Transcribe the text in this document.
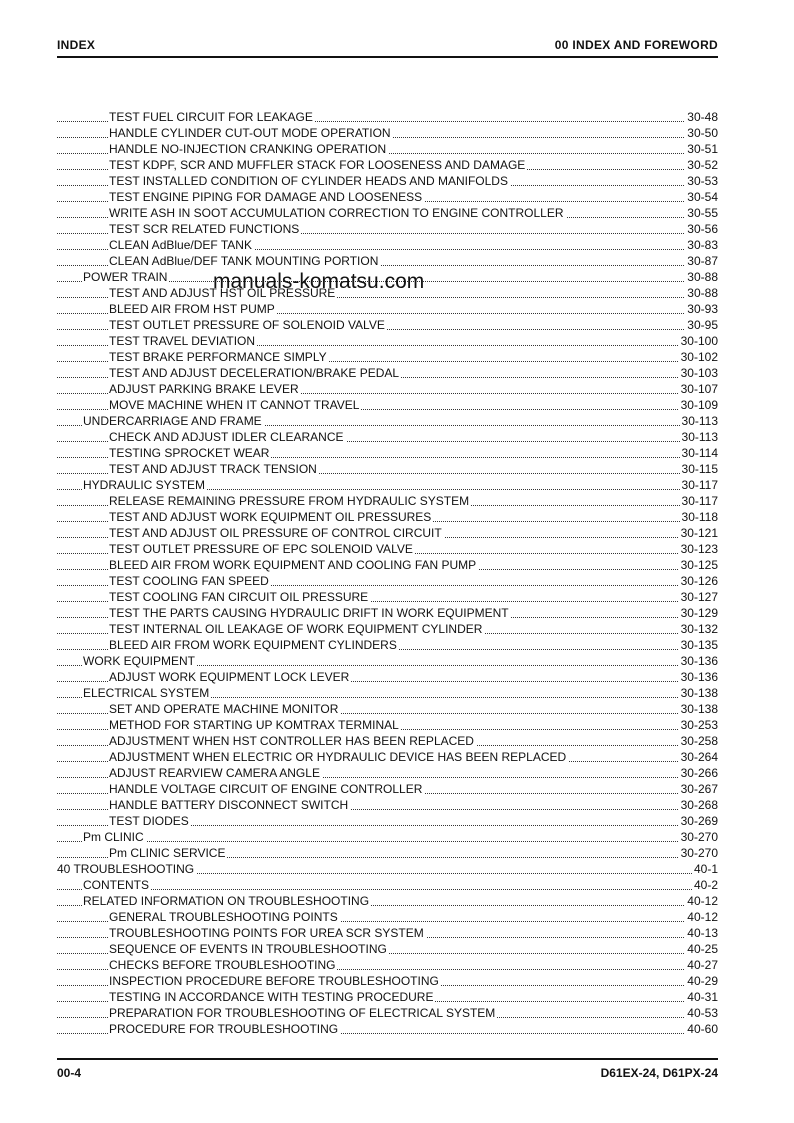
INDEX	00 INDEX AND FOREWORD
manuals-komatsu.com
TEST FUEL CIRCUIT FOR LEAKAGE	30-48
HANDLE CYLINDER CUT-OUT MODE OPERATION	30-50
HANDLE NO-INJECTION CRANKING OPERATION	30-51
TEST KDPF, SCR AND MUFFLER STACK FOR LOOSENESS AND DAMAGE	30-52
TEST INSTALLED CONDITION OF CYLINDER HEADS AND MANIFOLDS	30-53
TEST ENGINE PIPING FOR DAMAGE AND LOOSENESS	30-54
WRITE ASH IN SOOT ACCUMULATION CORRECTION TO ENGINE CONTROLLER	30-55
TEST SCR RELATED FUNCTIONS	30-56
CLEAN AdBlue/DEF TANK	30-83
CLEAN AdBlue/DEF TANK MOUNTING PORTION	30-87
POWER TRAIN	30-88
TEST AND ADJUST HST OIL PRESSURE	30-88
BLEED AIR FROM HST PUMP	30-93
TEST OUTLET PRESSURE OF SOLENOID VALVE	30-95
TEST TRAVEL DEVIATION	30-100
TEST BRAKE PERFORMANCE SIMPLY	30-102
TEST AND ADJUST DECELERATION/BRAKE PEDAL	30-103
ADJUST PARKING BRAKE LEVER	30-107
MOVE MACHINE WHEN IT CANNOT TRAVEL	30-109
UNDERCARRIAGE AND FRAME	30-113
CHECK AND ADJUST IDLER CLEARANCE	30-113
TESTING SPROCKET WEAR	30-114
TEST AND ADJUST TRACK TENSION	30-115
HYDRAULIC SYSTEM	30-117
RELEASE REMAINING PRESSURE FROM HYDRAULIC SYSTEM	30-117
TEST AND ADJUST WORK EQUIPMENT OIL PRESSURES	30-118
TEST AND ADJUST OIL PRESSURE OF CONTROL CIRCUIT	30-121
TEST OUTLET PRESSURE OF EPC SOLENOID VALVE	30-123
BLEED AIR FROM WORK EQUIPMENT AND COOLING FAN PUMP	30-125
TEST COOLING FAN SPEED	30-126
TEST COOLING FAN CIRCUIT OIL PRESSURE	30-127
TEST THE PARTS CAUSING HYDRAULIC DRIFT IN WORK EQUIPMENT	30-129
TEST INTERNAL OIL LEAKAGE OF WORK EQUIPMENT CYLINDER	30-132
BLEED AIR FROM WORK EQUIPMENT CYLINDERS	30-135
WORK EQUIPMENT	30-136
ADJUST WORK EQUIPMENT LOCK LEVER	30-136
ELECTRICAL SYSTEM	30-138
SET AND OPERATE MACHINE MONITOR	30-138
METHOD FOR STARTING UP KOMTRAX TERMINAL	30-253
ADJUSTMENT WHEN HST CONTROLLER HAS BEEN REPLACED	30-258
ADJUSTMENT WHEN ELECTRIC OR HYDRAULIC DEVICE HAS BEEN REPLACED	30-264
ADJUST REARVIEW CAMERA ANGLE	30-266
HANDLE VOLTAGE CIRCUIT OF ENGINE CONTROLLER	30-267
HANDLE BATTERY DISCONNECT SWITCH	30-268
TEST DIODES	30-269
Pm CLINIC	30-270
Pm CLINIC SERVICE	30-270
40 TROUBLESHOOTING	40-1
CONTENTS	40-2
RELATED INFORMATION ON TROUBLESHOOTING	40-12
GENERAL TROUBLESHOOTING POINTS	40-12
TROUBLESHOOTING POINTS FOR UREA SCR SYSTEM	40-13
SEQUENCE OF EVENTS IN TROUBLESHOOTING	40-25
CHECKS BEFORE TROUBLESHOOTING	40-27
INSPECTION PROCEDURE BEFORE TROUBLESHOOTING	40-29
TESTING IN ACCORDANCE WITH TESTING PROCEDURE	40-31
PREPARATION FOR TROUBLESHOOTING OF ELECTRICAL SYSTEM	40-53
PROCEDURE FOR TROUBLESHOOTING	40-60
00-4	D61EX-24, D61PX-24
